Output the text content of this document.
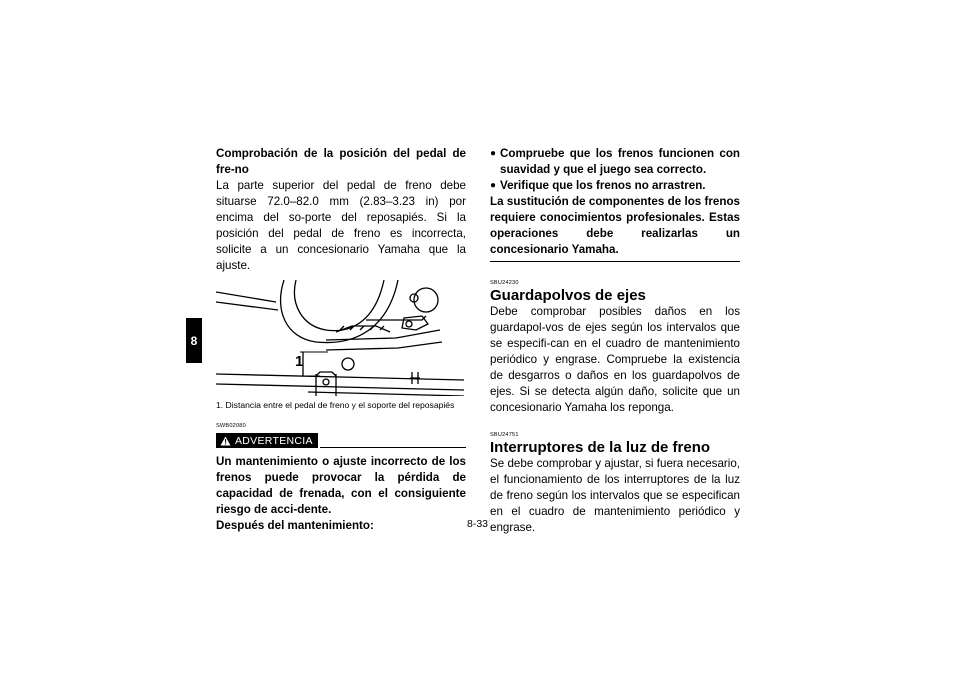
8

Comprobación de la posición del pedal de fre-no

La parte superior del pedal de freno debe situarse 72.0–82.0 mm (2.83–3.23 in) por encima del so-porte del reposapiés. Si la posición del pedal de freno es incorrecta, solicite a un concesionario Yamaha que la ajuste.

1

1. Distancia entre el pedal de freno y el soporte del reposapiés

SWB02080
ADVERTENCIA

Un mantenimiento o ajuste incorrecto de los frenos puede provocar la pérdida de capacidad de frenada, con el consiguiente riesgo de acci-dente.

Después del mantenimiento:

● Compruebe que los frenos funcionen con suavidad y que el juego sea correcto.
● Verifique que los frenos no arrastren.

La sustitución de componentes de los frenos requiere conocimientos profesionales. Estas operaciones debe realizarlas un concesionario Yamaha.

SBU24230
Guardapolvos de ejes

Debe comprobar posibles daños en los guardapol-vos de ejes según los intervalos que se especifi-can en el cuadro de mantenimiento periódico y engrase. Compruebe la existencia de desgarros o daños en los guardapolvos de ejes. Si se detecta algún daño, solicite que un concesionario Yamaha los reponga.

SBU24751
Interruptores de la luz de freno

Se debe comprobar y ajustar, si fuera necesario, el funcionamiento de los interruptores de la luz de freno según los intervalos que se especifican en el cuadro de mantenimiento periódico y engrase.

8-33
